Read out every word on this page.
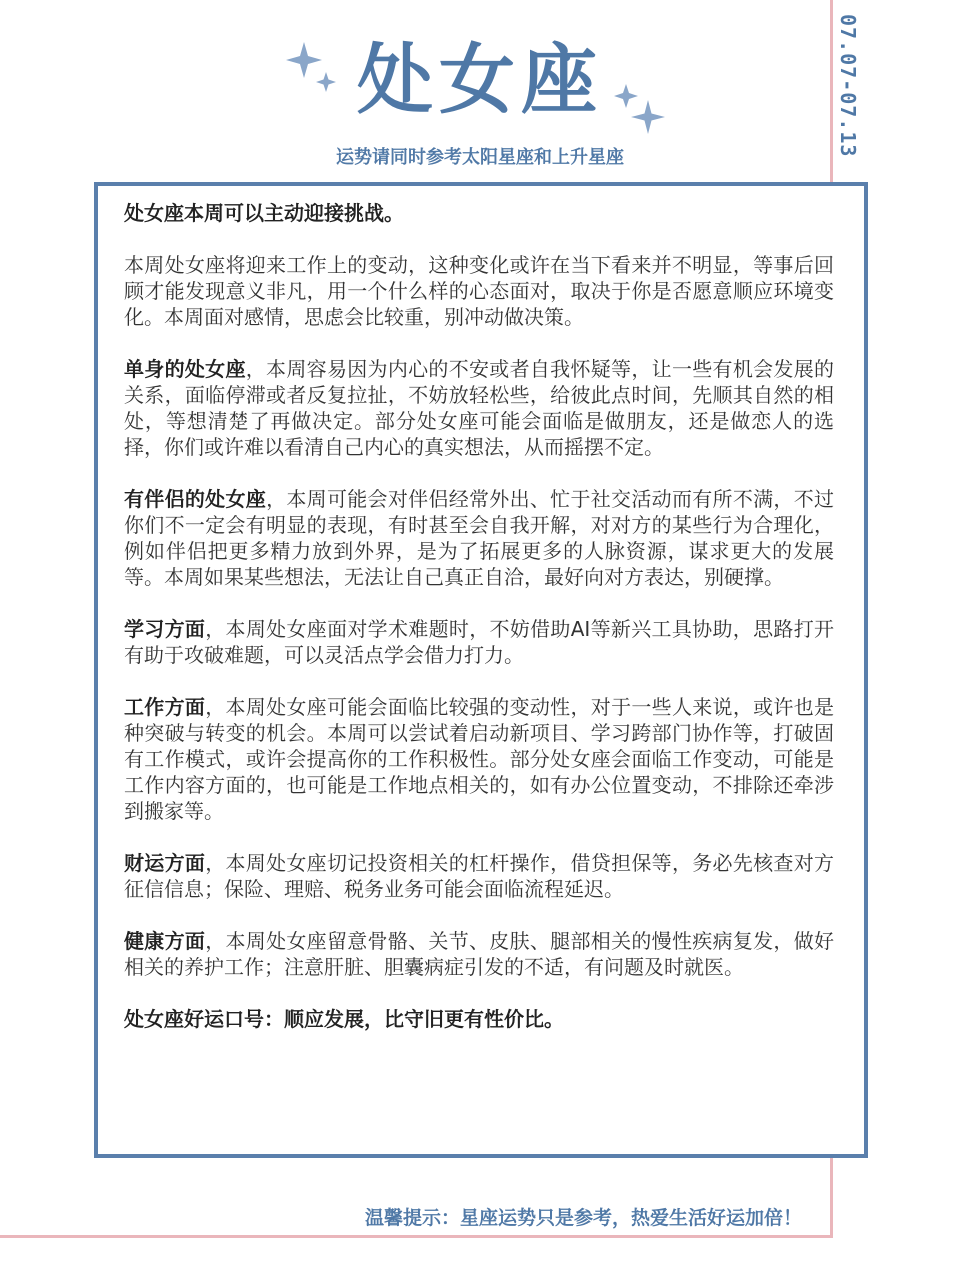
07.07-07.13
处女座
运势请同时参考太阳星座和上升星座

处女座本周可以主动迎接挑战。

本周处女座将迎来工作上的变动，这种变化或许在当下看来并不明显，等事后回顾才能发现意义非凡，用一个什么样的心态面对，取决于你是否愿意顺应环境变化。本周面对感情，思虑会比较重，别冲动做决策。

单身的处女座，本周容易因为内心的不安或者自我怀疑等，让一些有机会发展的关系，面临停滞或者反复拉扯，不妨放轻松些，给彼此点时间，先顺其自然的相处，等想清楚了再做决定。部分处女座可能会面临是做朋友，还是做恋人的选择，你们或许难以看清自己内心的真实想法，从而摇摆不定。

有伴侣的处女座，本周可能会对伴侣经常外出、忙于社交活动而有所不满，不过你们不一定会有明显的表现，有时甚至会自我开解，对对方的某些行为合理化，例如伴侣把更多精力放到外界，是为了拓展更多的人脉资源，谋求更大的发展等。本周如果某些想法，无法让自己真正自洽，最好向对方表达，别硬撑。

学习方面，本周处女座面对学术难题时，不妨借助AI等新兴工具协助，思路打开有助于攻破难题，可以灵活点学会借力打力。

工作方面，本周处女座可能会面临比较强的变动性，对于一些人来说，或许也是种突破与转变的机会。本周可以尝试着启动新项目、学习跨部门协作等，打破固有工作模式，或许会提高你的工作积极性。部分处女座会面临工作变动，可能是工作内容方面的，也可能是工作地点相关的，如有办公位置变动，不排除还牵涉到搬家等。

财运方面，本周处女座切记投资相关的杠杆操作，借贷担保等，务必先核查对方征信信息；保险、理赔、税务业务可能会面临流程延迟。

健康方面，本周处女座留意骨骼、关节、皮肤、腿部相关的慢性疾病复发，做好相关的养护工作；注意肝脏、胆囊病症引发的不适，有问题及时就医。

处女座好运口号：顺应发展，比守旧更有性价比。

温馨提示：星座运势只是参考，热爱生活好运加倍！
